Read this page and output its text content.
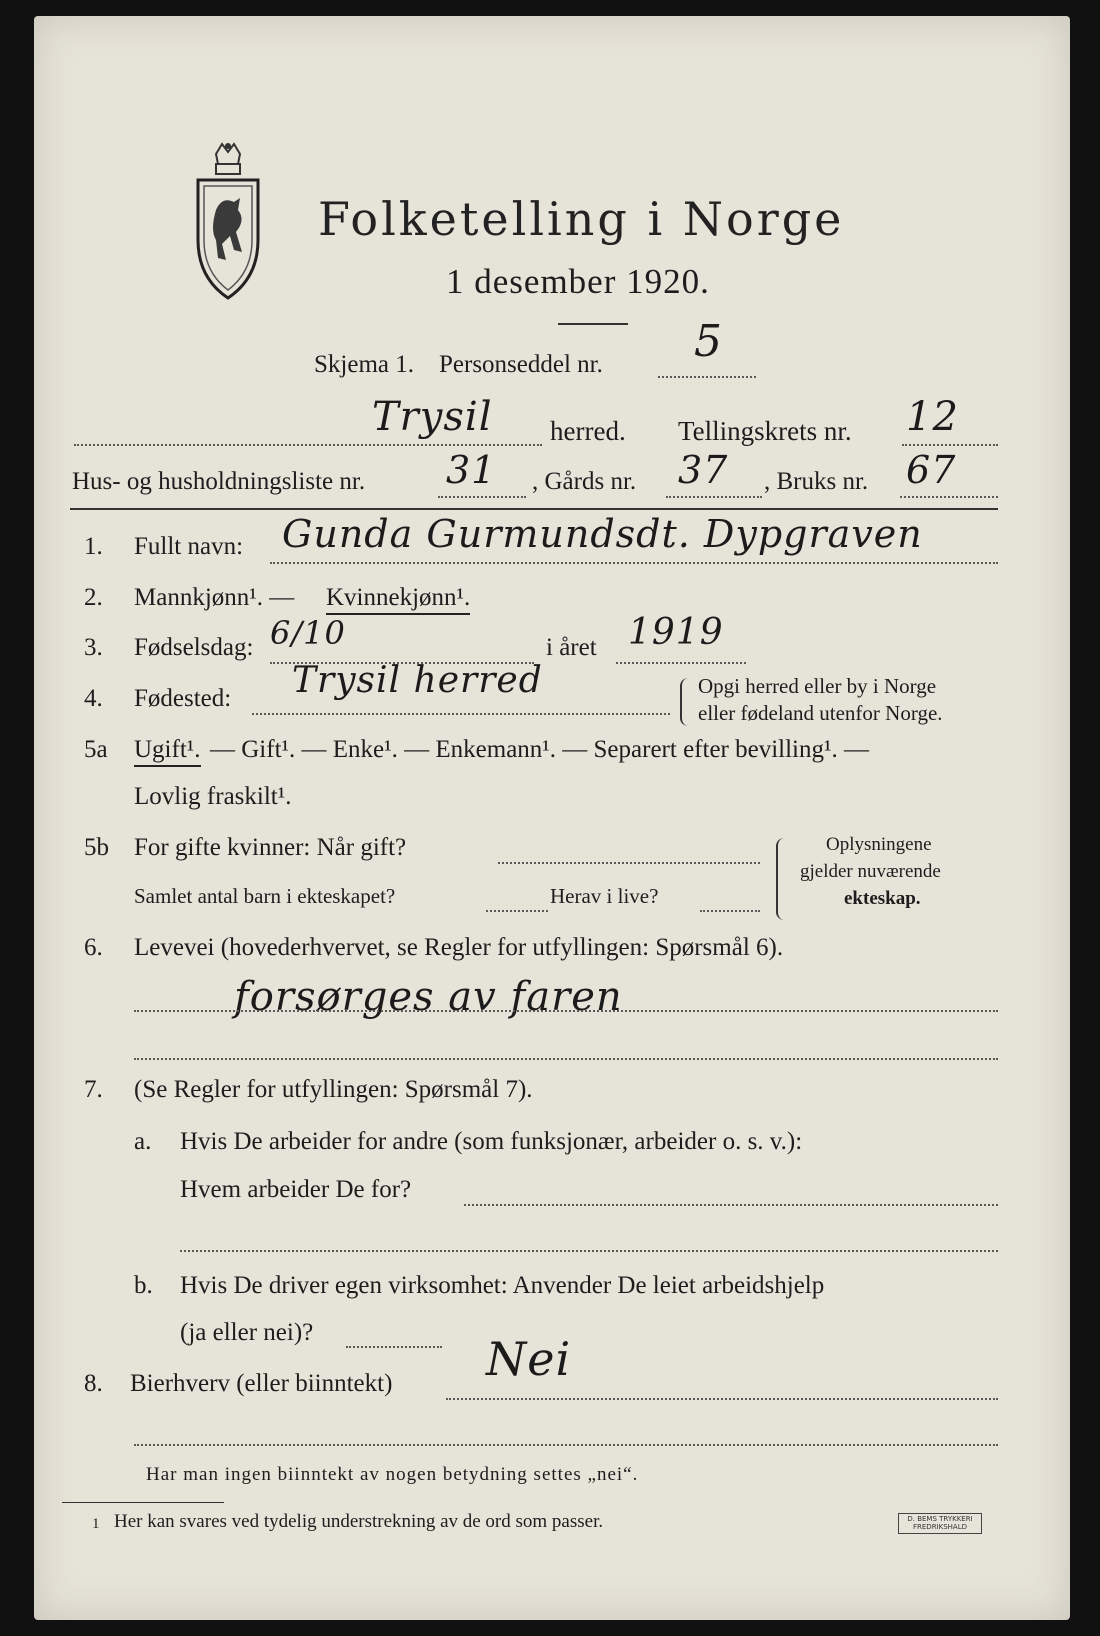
Folketelling i Norge
1 desember 1920.
Skjema 1. Personseddel nr. 5
Trysil herred. Tellingskrets nr. 12
Hus- og husholdningsliste nr. 31 , Gårds nr. 37 , Bruks nr. 67
1. Fullt navn: Gunda Gurmundsdt. Dypgraven
2. Mannkjønn¹. — Kvinnekjønn¹.
3. Fødselsdag: 6/10	i året 1919
4. Fødested: Trysil herred	Opgi herred eller by i Norge
eller fødeland utenfor Norge.
5a Ugift¹. — Gift¹. — Enke¹. — Enkemann¹. — Separert efter bevilling¹. —
Lovlig fraskilt¹.
5b For gifte kvinner: Når gift?
Samlet antal barn i ekteskapet?	Herav i live?
Oplysningene
gjelder nuværende
ekteskap.
6. Levevei (hovederhvervet, se Regler for utfyllingen: Spørsmål 6).
forsørges av faren
7. (Se Regler for utfyllingen: Spørsmål 7).
a. Hvis De arbeider for andre (som funksjonær, arbeider o. s. v.):
Hvem arbeider De for?
b. Hvis De driver egen virksomhet: Anvender De leiet arbeidshjelp
(ja eller nei)?
8. Bierhverv (eller biinntekt) Nei
Har man ingen biinntekt av nogen betydning settes „nei“.
1 Her kan svares ved tydelig understrekning av de ord som passer.	D. BEMS TRYKKERI FREDRIKSHALD
